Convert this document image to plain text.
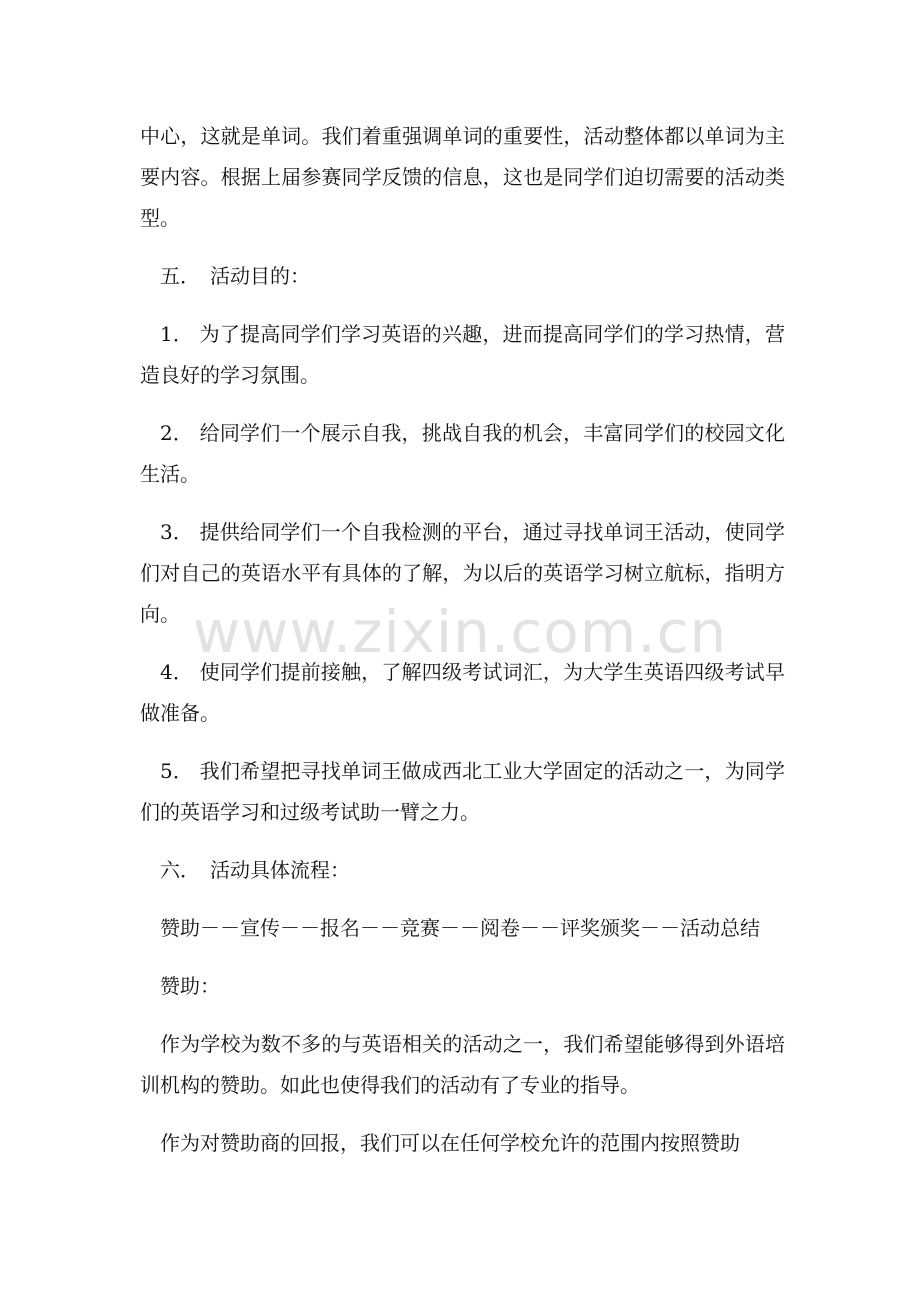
中心，这就是单词。我们着重强调单词的重要性，活动整体都以单词为主要内容。根据上届参赛同学反馈的信息，这也是同学们迫切需要的活动类型。

五．　活动目的：

1． 为了提高同学们学习英语的兴趣，进而提高同学们的学习热情，营造良好的学习氛围。

2． 给同学们一个展示自我，挑战自我的机会，丰富同学们的校园文化生活。

3． 提供给同学们一个自我检测的平台，通过寻找单词王活动，使同学们对自己的英语水平有具体的了解，为以后的英语学习树立航标，指明方向。

4． 使同学们提前接触，了解四级考试词汇，为大学生英语四级考试早做准备。

5． 我们希望把寻找单词王做成西北工业大学固定的活动之一，为同学们的英语学习和过级考试助一臂之力。

六．　活动具体流程：

赞助－－宣传－－报名－－竞赛－－阅卷－－评奖颁奖－－活动总结

赞助：

作为学校为数不多的与英语相关的活动之一，我们希望能够得到外语培训机构的赞助。如此也使得我们的活动有了专业的指导。

作为对赞助商的回报，我们可以在任何学校允许的范围内按照赞助

www.zixin.com.cn
